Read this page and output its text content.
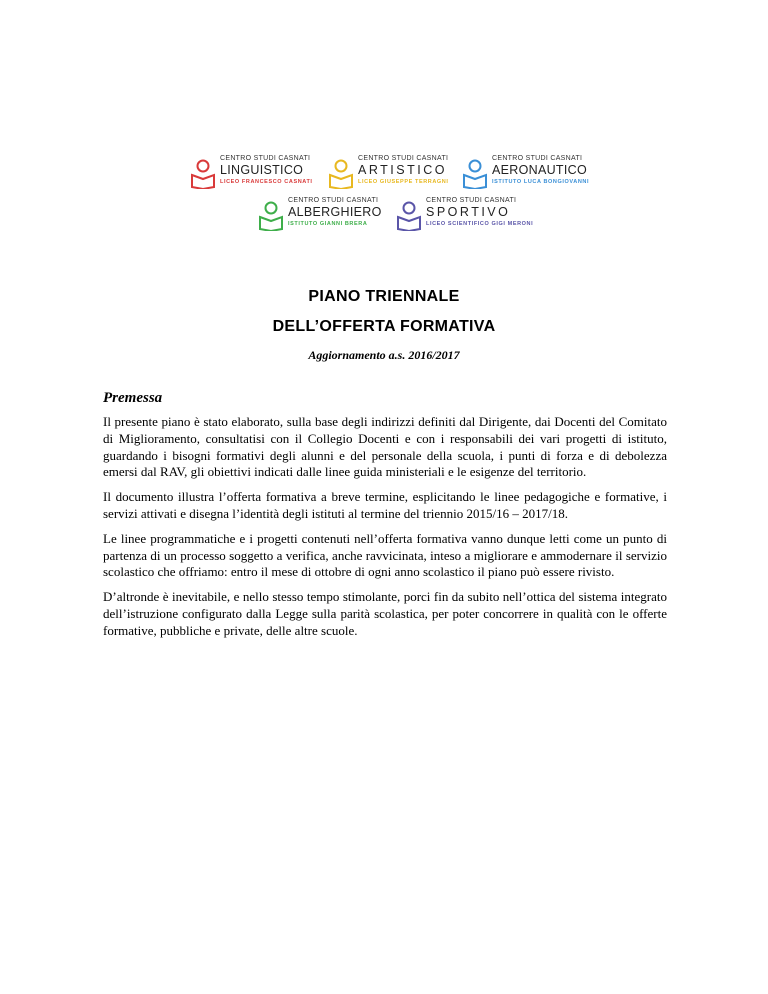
CENTRO STUDI CASNATI
LINGUISTICO
LICEO FRANCESCO CASNATI
CENTRO STUDI CASNATI
ARTISTICO
LICEO GIUSEPPE TERRAGNI
CENTRO STUDI CASNATI
AERONAUTICO
ISTITUTO LUCA BONGIOVANNI
CENTRO STUDI CASNATI
ALBERGHIERO
ISTITUTO GIANNI BRERA
CENTRO STUDI CASNATI
SPORTIVO
LICEO SCIENTIFICO GIGI MERONI
PIANO TRIENNALE
DELL’OFFERTA FORMATIVA
Aggiornamento a.s. 2016/2017
Premessa

Il presente piano è stato elaborato, sulla base degli indirizzi definiti dal Dirigente, dai Docenti del Comitato di Miglioramento, consultatisi con il Collegio Docenti e con i responsabili dei vari progetti di istituto, guardando i bisogni formativi degli alunni e del personale della scuola, i punti di forza e di debolezza emersi dal RAV, gli obiettivi indicati dalle linee guida ministeriali e le esigenze del territorio.

Il documento illustra l’offerta formativa a breve termine, esplicitando le linee pedagogiche e formative, i servizi attivati e disegna l’identità degli istituti al termine del triennio 2015/16 – 2017/18.

Le linee programmatiche e i progetti contenuti nell’offerta formativa vanno dunque letti come un punto di partenza di un processo soggetto a verifica, anche ravvicinata, inteso a migliorare e ammodernare il servizio scolastico che offriamo: entro il mese di ottobre di ogni anno scolastico il piano può essere rivisto.

D’altronde è inevitabile, e nello stesso tempo stimolante, porci fin da subito nell’ottica del sistema integrato dell’istruzione configurato dalla Legge sulla parità scolastica, per poter concorrere in qualità con le offerte formative, pubbliche e private, delle altre scuole.
